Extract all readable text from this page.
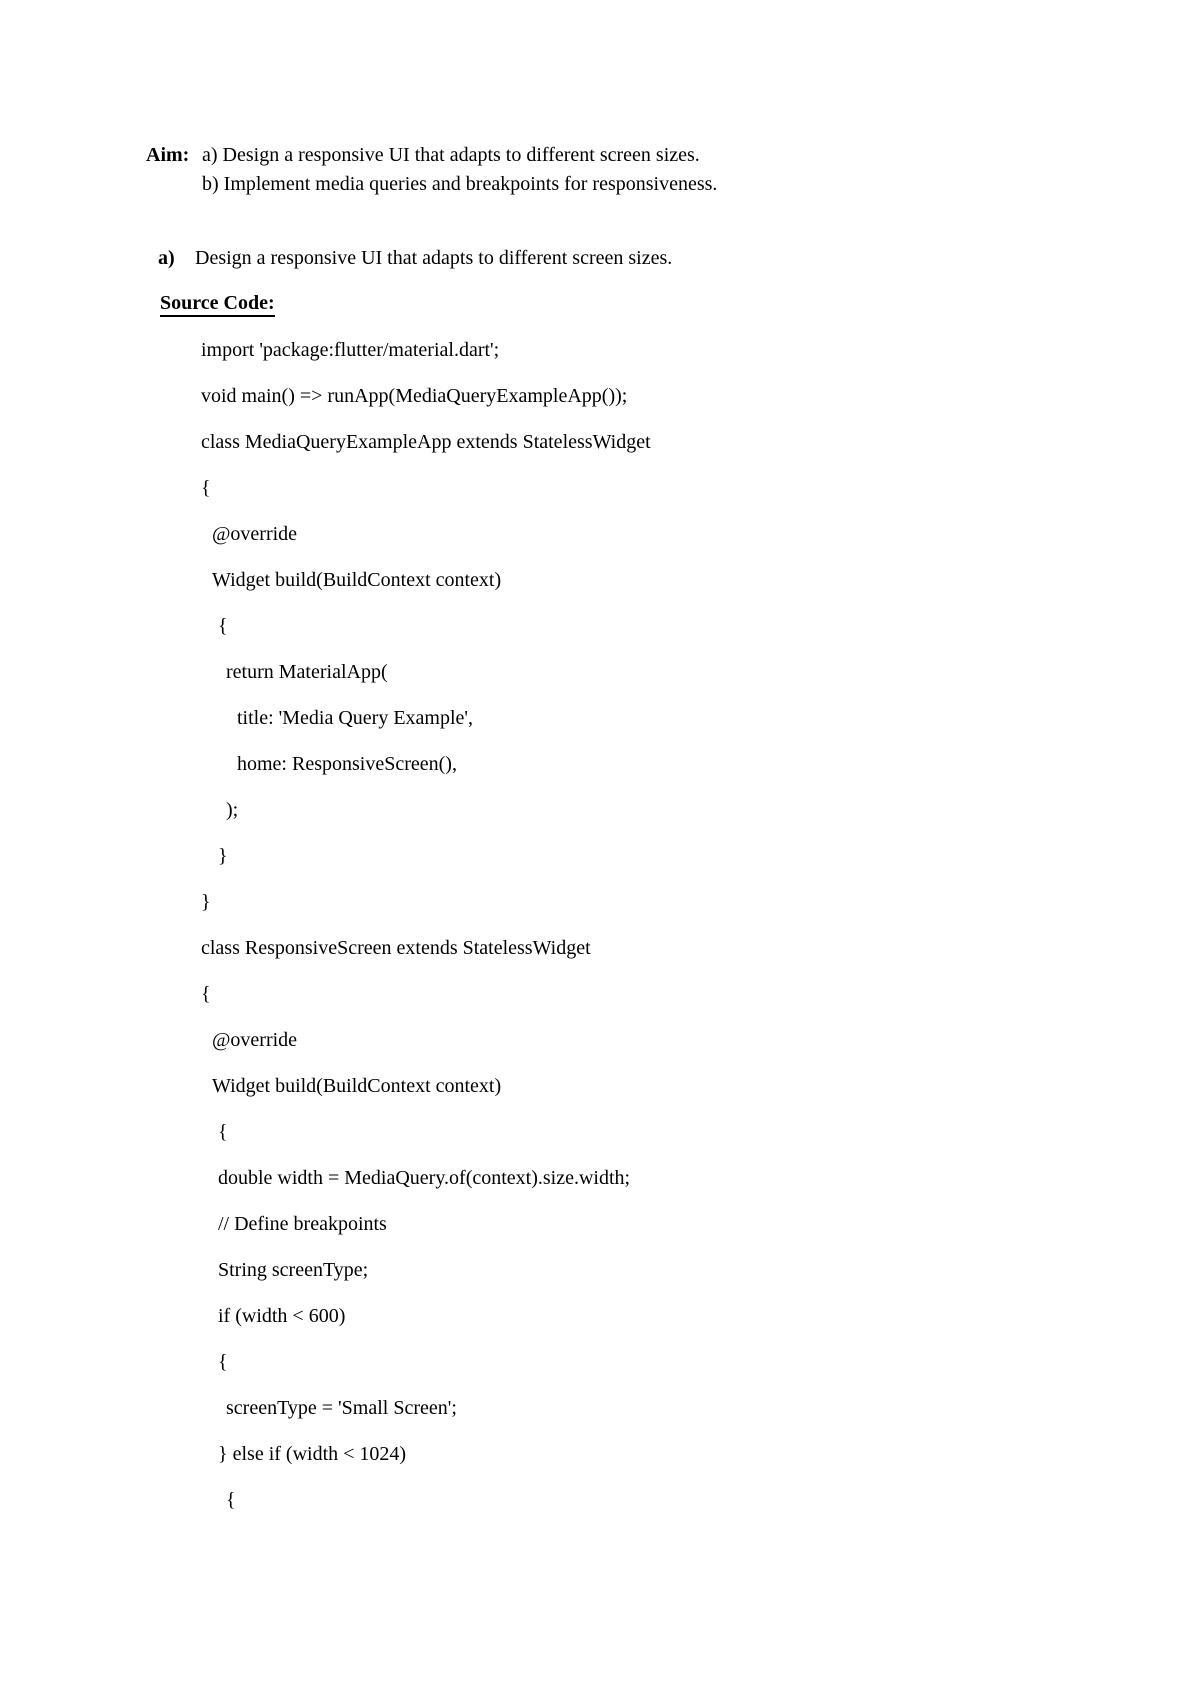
Aim: a) Design a responsive UI that adapts to different screen sizes.
b) Implement media queries and breakpoints for responsiveness.
a) Design a responsive UI that adapts to different screen sizes.
Source Code:
import 'package:flutter/material.dart';
void main() => runApp(MediaQueryExampleApp());
class MediaQueryExampleApp extends StatelessWidget
{
@override
Widget build(BuildContext context)
{
return MaterialApp(
title: 'Media Query Example',
home: ResponsiveScreen(),
);
}
}
class ResponsiveScreen extends StatelessWidget
{
@override
Widget build(BuildContext context)
{
double width = MediaQuery.of(context).size.width;
// Define breakpoints
String screenType;
if (width < 600)
{
screenType = 'Small Screen';
} else if (width < 1024)
{
